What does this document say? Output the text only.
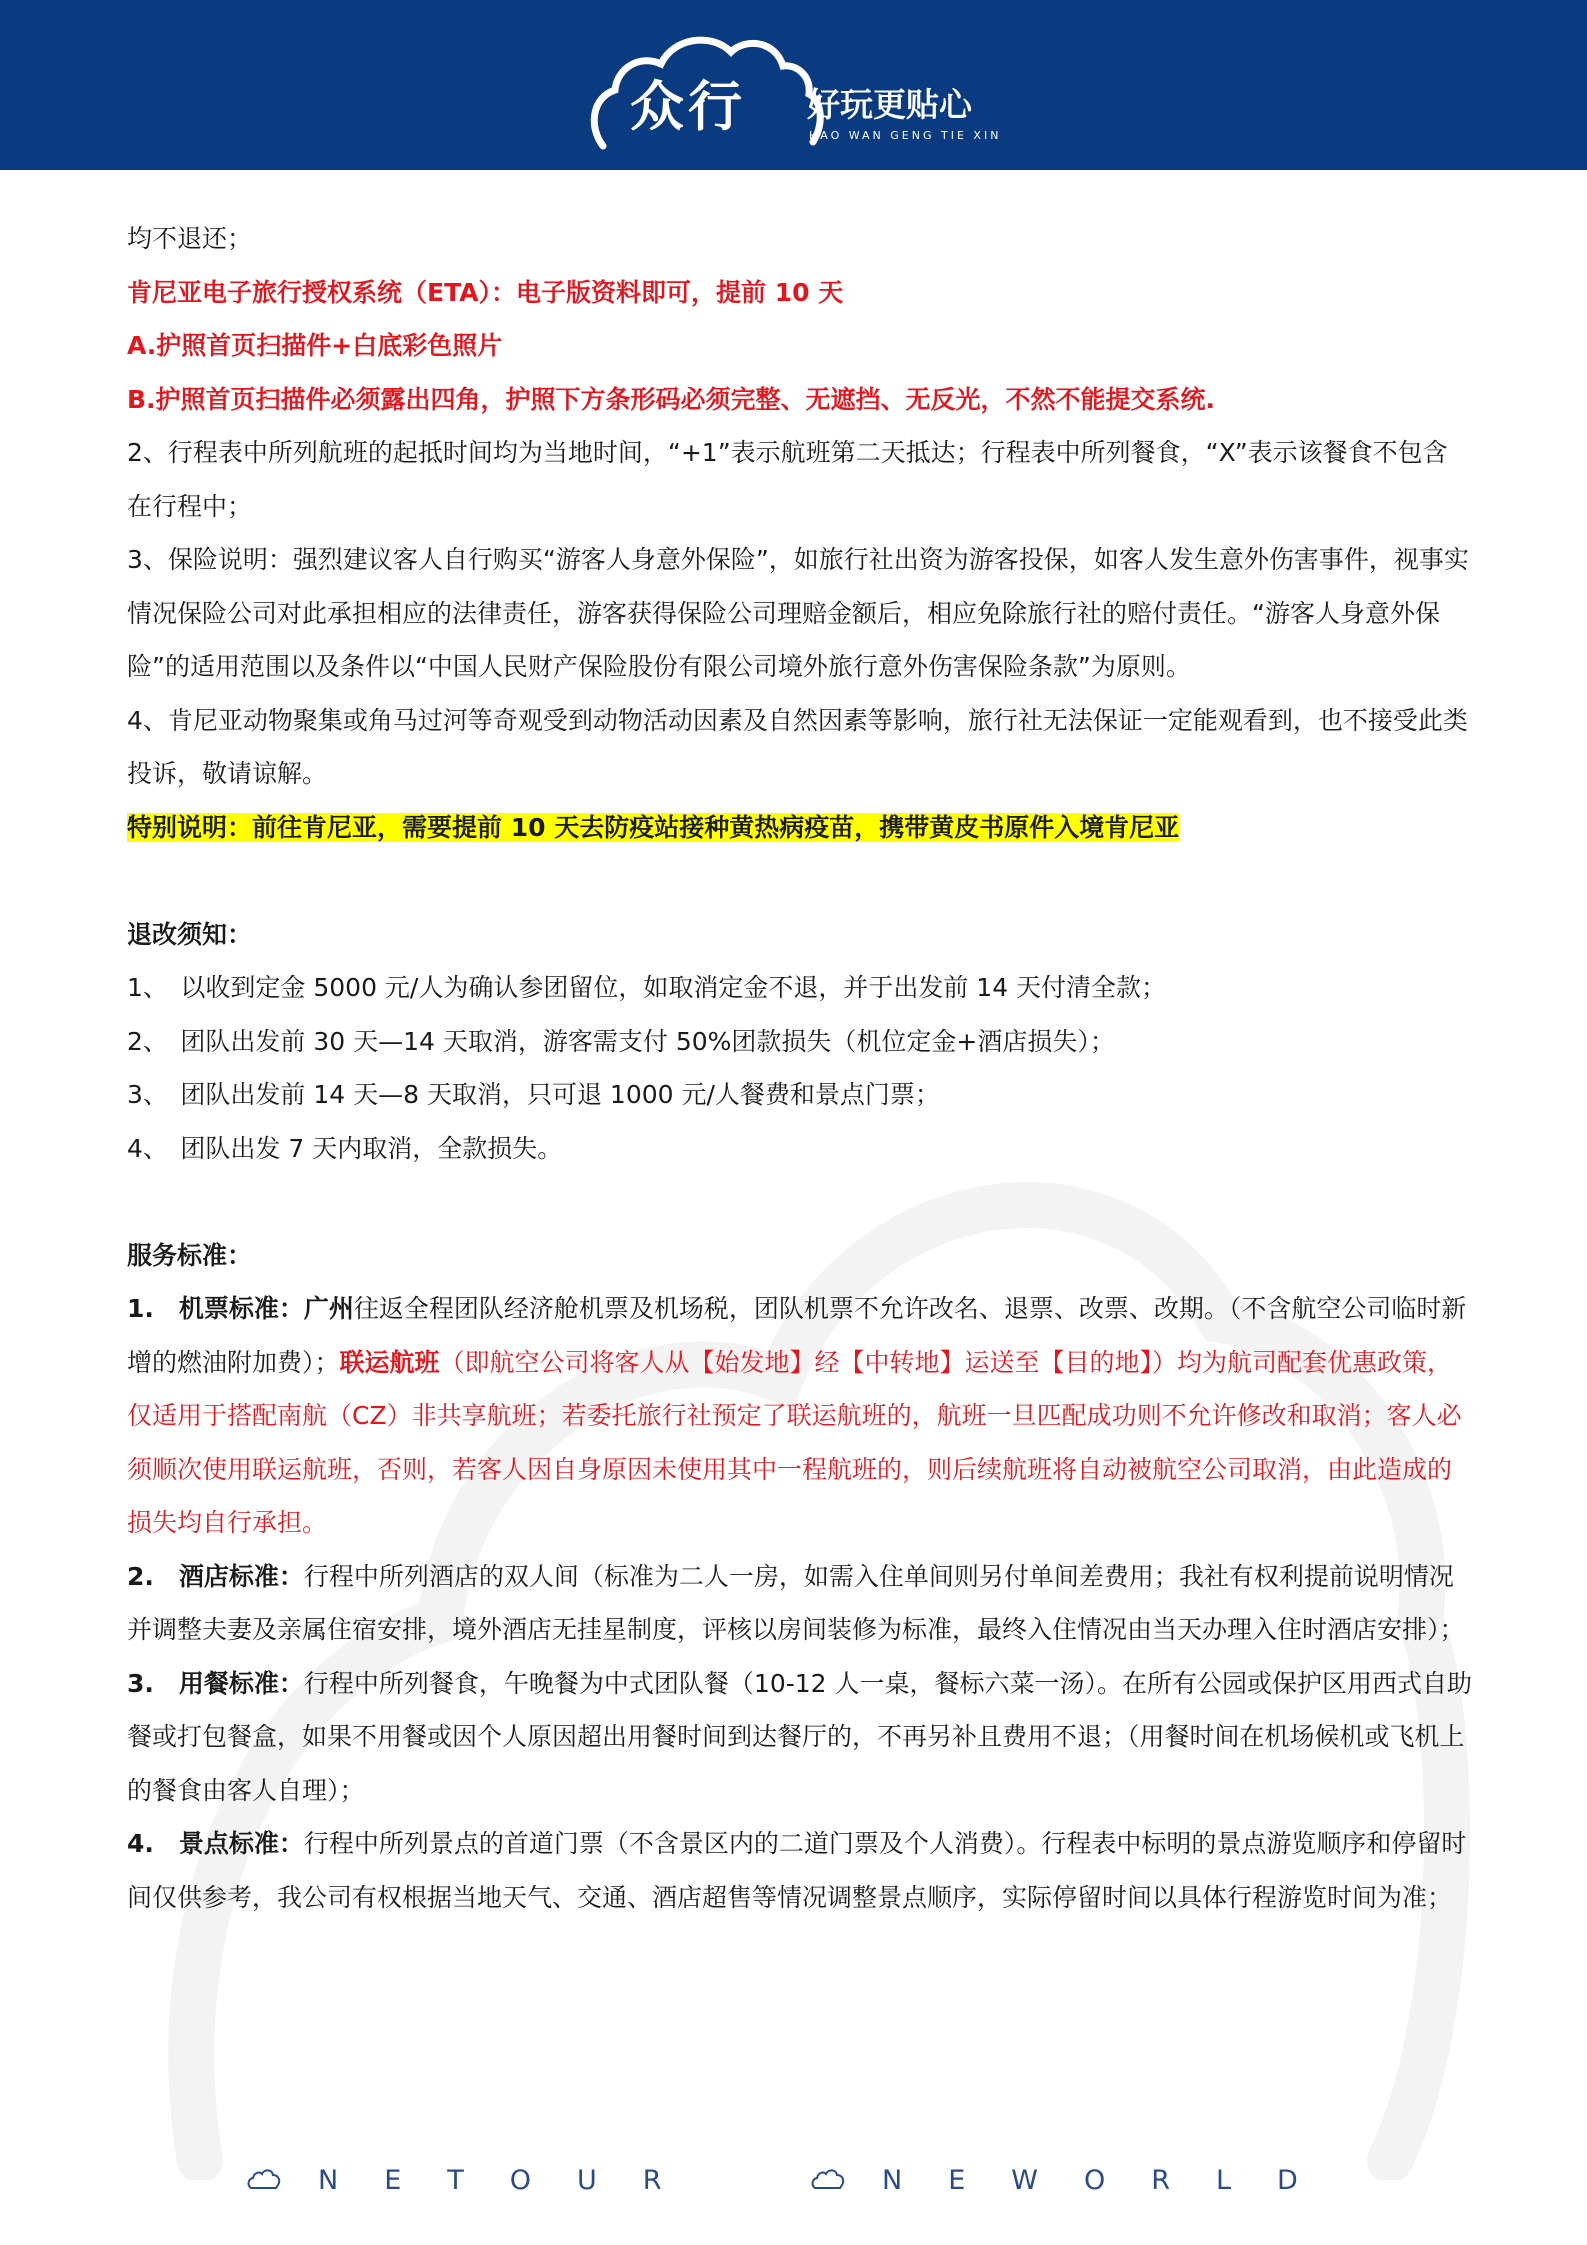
众行 好玩更贴心
HAO WAN GENG TIE XIN

均不退还；

肯尼亚电子旅行授权系统（ETA）：电子版资料即可，提前 10 天

A.护照首页扫描件+白底彩色照片

B.护照首页扫描件必须露出四角，护照下方条形码必须完整、无遮挡、无反光，不然不能提交系统.

2、行程表中所列航班的起抵时间均为当地时间，“+1”表示航班第二天抵达；行程表中所列餐食，“X”表示该餐食不包含在行程中；

3、保险说明：强烈建议客人自行购买“游客人身意外保险”，如旅行社出资为游客投保，如客人发生意外伤害事件，视事实情况保险公司对此承担相应的法律责任，游客获得保险公司理赔金额后，相应免除旅行社的赔付责任。“游客人身意外保险”的适用范围以及条件以“中国人民财产保险股份有限公司境外旅行意外伤害保险条款”为原则。

4、肯尼亚动物聚集或角马过河等奇观受到动物活动因素及自然因素等影响，旅行社无法保证一定能观看到，也不接受此类投诉，敬请谅解。

特别说明：前往肯尼亚，需要提前 10 天去防疫站接种黄热病疫苗，携带黄皮书原件入境肯尼亚

退改须知：

1、　以收到定金 5000 元/人为确认参团留位，如取消定金不退，并于出发前 14 天付清全款；

2、　团队出发前 30 天—14 天取消，游客需支付 50%团款损失（机位定金+酒店损失）；

3、　团队出发前 14 天—8 天取消，只可退 1000 元/人餐费和景点门票；

4、　团队出发 7 天内取消，全款损失。

服务标准：

1.　机票标准：广州往返全程团队经济舱机票及机场税，团队机票不允许改名、退票、改票、改期。（不含航空公司临时新增的燃油附加费）；联运航班（即航空公司将客人从【始发地】经【中转地】运送至【目的地】）均为航司配套优惠政策，仅适用于搭配南航（CZ）非共享航班；若委托旅行社预定了联运航班的，航班一旦匹配成功则不允许修改和取消；客人必须顺次使用联运航班，否则，若客人因自身原因未使用其中一程航班的，则后续航班将自动被航空公司取消，由此造成的损失均自行承担。

2.　酒店标准：行程中所列酒店的双人间（标准为二人一房，如需入住单间则另付单间差费用；我社有权利提前说明情况并调整夫妻及亲属住宿安排，境外酒店无挂星制度，评核以房间装修为标准，最终入住情况由当天办理入住时酒店安排）；

3.　用餐标准：行程中所列餐食，午晚餐为中式团队餐（10-12 人一桌，餐标六菜一汤）。在所有公园或保护区用西式自助餐或打包餐盒，如果不用餐或因个人原因超出用餐时间到达餐厅的，不再另补且费用不退；（用餐时间在机场候机或飞机上的餐食由客人自理）；

4.　景点标准：行程中所列景点的首道门票（不含景区内的二道门票及个人消费）。行程表中标明的景点游览顺序和停留时间仅供参考，我公司有权根据当地天气、交通、酒店超售等情况调整景点顺序，实际停留时间以具体行程游览时间为准；

N E T O U R	N E W O R L D
